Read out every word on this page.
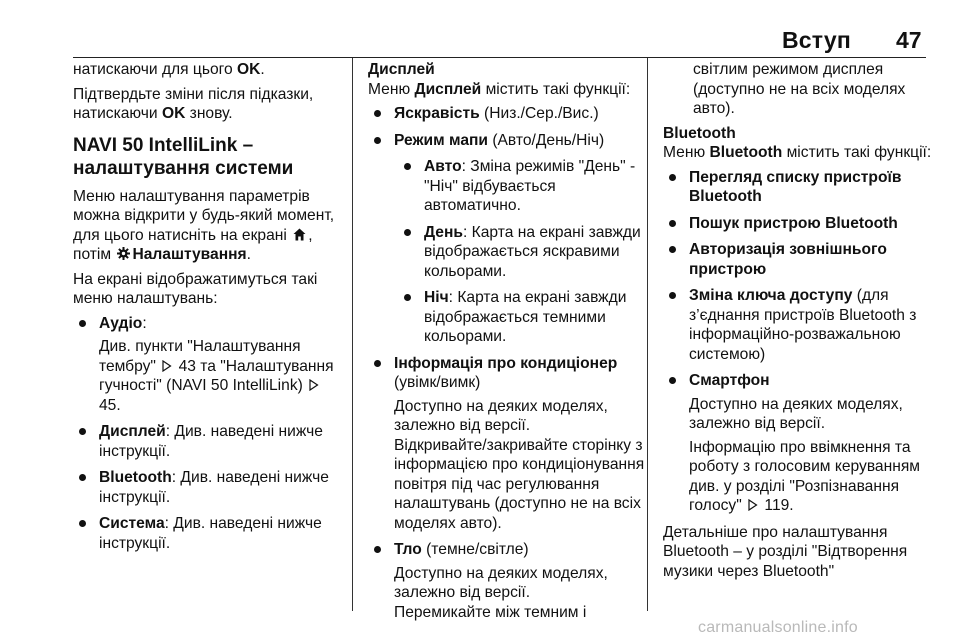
Вступ 47

натискаючи для цього OK.

Підтвердьте зміни після підказки, натискаючи OK знову.

NAVI 50 IntelliLink – налаштування системи

Меню налаштування параметрів можна відкрити у будь-який момент, для цього натисніть на екрані , потім Налаштування.

На екрані відображатимуться такі меню налаштувань:

Аудіо:
Див. пункти "Налаштування тембру"  43 та "Налаштування гучності" (NAVI 50 IntelliLink)  45.
Дисплей: Див. наведені нижче інструкції.
Bluetooth: Див. наведені нижче інструкції.
Система: Див. наведені нижче інструкції.

Дисплей

Меню Дисплей містить такі функції:

Яскравість (Низ./Сер./Вис.)
Режим мапи (Авто/День/Ніч)
Авто: Зміна режимів "День" - "Ніч" відбувається автоматично.
День: Карта на екрані завжди відображається яскравими кольорами.
Ніч: Карта на екрані завжди відображається темними кольорами.
Інформація про кондиціонер (увімк/вимк)
Доступно на деяких моделях, залежно від версії.
Відкривайте/закривайте сторінку з інформацією про кондиціонування повітря під час регулювання налаштувань (доступно не на всіх моделях авто).
Тло (темне/світле)
Доступно на деяких моделях, залежно від версії.
Перемикайте між темним і

світлим режимом дисплея (доступно не на всіх моделях авто).

Bluetooth

Меню Bluetooth містить такі функції:

Перегляд списку пристроїв Bluetooth
Пошук пристрою Bluetooth
Авторизація зовнішнього пристрою
Зміна ключа доступу (для з’єднання пристроїв Bluetooth з інформаційно-розважальною системою)
Смартфон
Доступно на деяких моделях, залежно від версії.
Інформацію про ввімкнення та роботу з голосовим керуванням див. у розділі "Розпізнавання голосу"  119.

Детальніше про налаштування Bluetooth – у розділі "Відтворення музики через Bluetooth"

carmanualsonline.info
